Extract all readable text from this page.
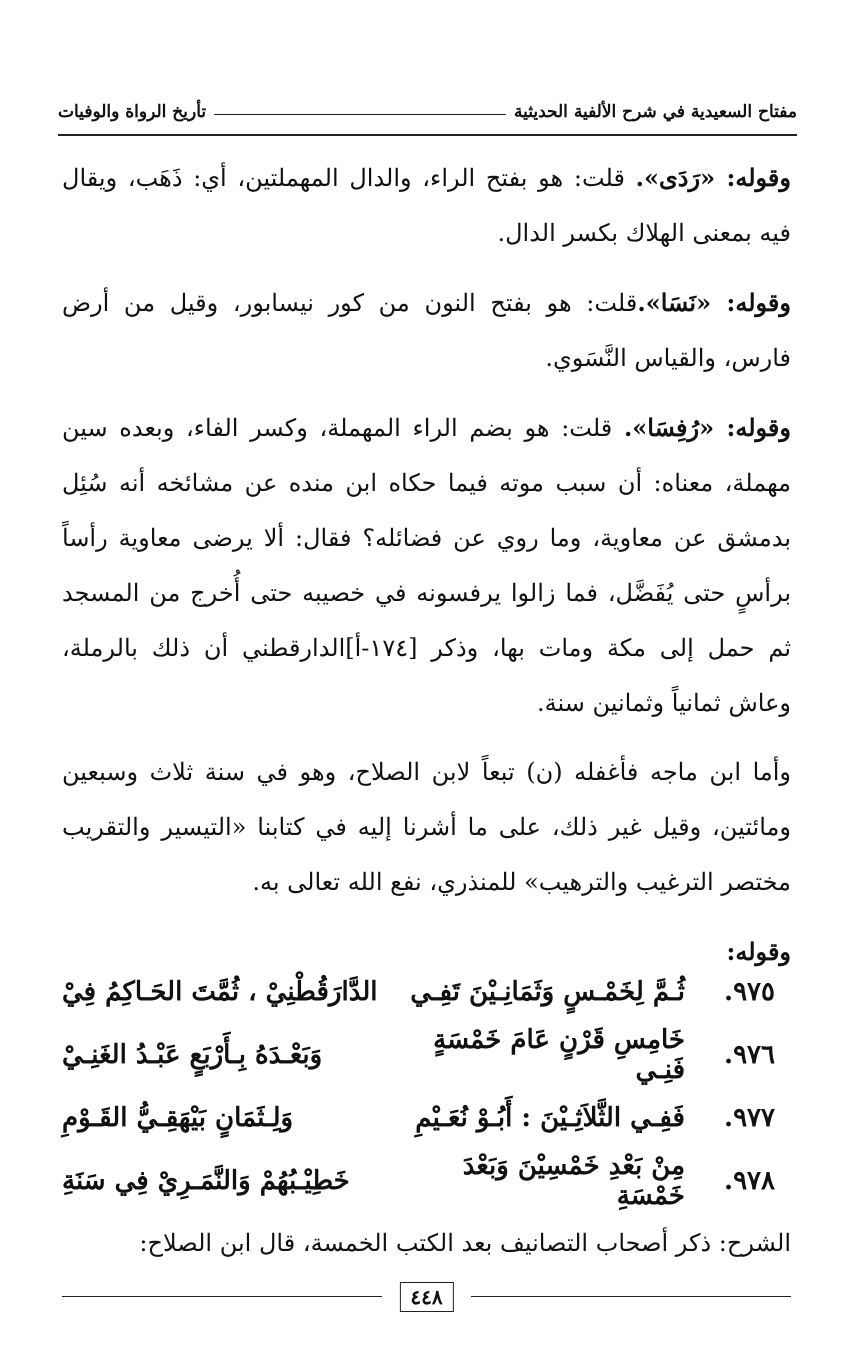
مفتاح السعيدية في شرح الألفية الحديثية
تأريخ الرواة والوفيات

وقوله: «رَدَى». قلت: هو بفتح الراء، والدال المهملتين، أي: ذَهَب، ويقال فيه بمعنى الهلاك بكسر الدال.

وقوله: «نَسَا».قلت: هو بفتح النون من كور نيسابور، وقيل من أرض فارس، والقياس النَّسَوي.

وقوله: «رُفِسَا». قلت: هو بضم الراء المهملة، وكسر الفاء، وبعده سين مهملة، معناه: أن سبب موته فيما حكاه ابن منده عن مشائخه أنه سُئِل بدمشق عن معاوية، وما روي عن فضائله؟ فقال: ألا يرضى معاوية رأساً برأسٍ حتى يُفَضَّل، فما زالوا يرفسونه في خصيبه حتى أُخرج من المسجد ثم حمل إلى مكة ومات بها، وذكر [١٧٤-أ]الدارقطني أن ذلك بالرملة، وعاش ثمانياً وثمانين سنة.

وأما ابن ماجه فأغفله (ن) تبعاً لابن الصلاح، وهو في سنة ثلاث وسبعين ومائتين، وقيل غير ذلك، على ما أشرنا إليه في كتابنا «التيسير والتقريب مختصر الترغيب والترهيب» للمنذري، نفع الله تعالى به.

وقوله:

٩٧٥.
ثُـمَّ لِخَمْـسٍ وَثَمَانِـيْنَ تَفِـي
الدَّارَقُطْنِيْ ، ثُمَّتَ الحَـاكِمُ فِيْ
٩٧٦.
خَامِسِ قَرْنٍ عَامَ خَمْسَةٍ فَنِـي
وَبَعْـدَهُ بِـأَرْبَعٍ عَبْـدُ الغَنِـيْ
٩٧٧.
فَفِـي الثَّلاَثِـيْنَ : أَبُـوْ نُعَـيْمِ
وَلِـثَمَانٍ بَيْهَقِـيُّ القَـوْمِ
٩٧٨.
مِنْ بَعْدِ خَمْسِيْنَ وَبَعْدَ خَمْسَةِ
خَطِيْـبُهُمْ وَالنَّمَـرِيْ فِي سَنَةِ
الشرح: ذكر أصحاب التصانيف بعد الكتب الخمسة، قال ابن الصلاح:
٤٤٨
